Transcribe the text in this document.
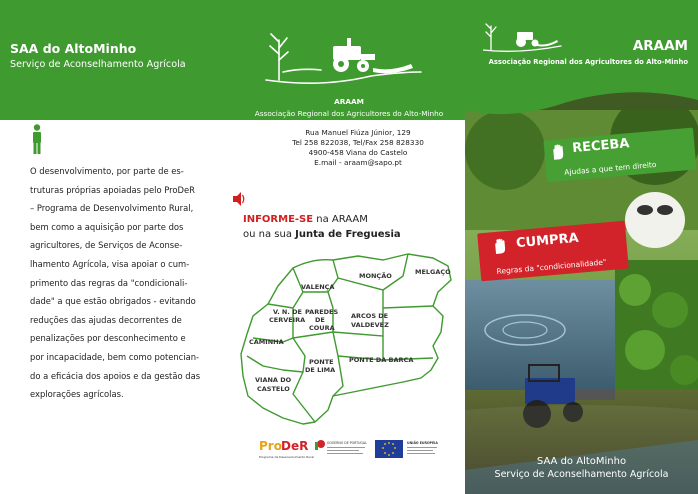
SAA do AltoMinho
Serviço de Aconselhamento Agrícola
O desenvolvimento, por parte de es-
truturas próprias apoiadas pelo ProDeR
– Programa de Desenvolvimento Rural,
bem como a aquisição por parte dos
agricultores, de Serviços de Aconse-
lhamento Agrícola, visa apoiar o cum-
primento das regras da "condicionali-
dade" a que estão obrigados - evitando
reduções das ajudas decorrentes de
penalizações por desconhecimento e
por incapacidade, bem como potencian-
do a eficácia dos apoios e da gestão das
explorações agrícolas.
ARAAM
Associação Regional dos Agricultores do Alto-Minho
Rua Manuel Fiúza Júnior, 129
Tel 258 822038, Tel/Fax 258 828330
4900-458 Viana do Castelo
E.mail - araam@sapo.pt
INFORME-SE na ARAAM
ou na sua Junta de Freguesia
MONÇÃO	MELGAÇO
VALENÇA
V. N. DE
CERVEIRA
PAREDES
DE
COURA
ARCOS DE
VALDEVEZ
CAMINHA
PONTE
DE LIMA
PONTE DA BARCA
VIANA DO
CASTELO
Pro DeR
Programa de Desenvolvimento Rural
GOVERNO DE PORTUGAL	UNIÃO EUROPEIA
ARAAM
Associação Regional dos Agricultores do Alto-Minho
RECEBA
Ajudas a que tem direito
CUMPRA
Regras da "condicionalidade"
SAA do AltoMinho
Serviço de Aconselhamento Agrícola
